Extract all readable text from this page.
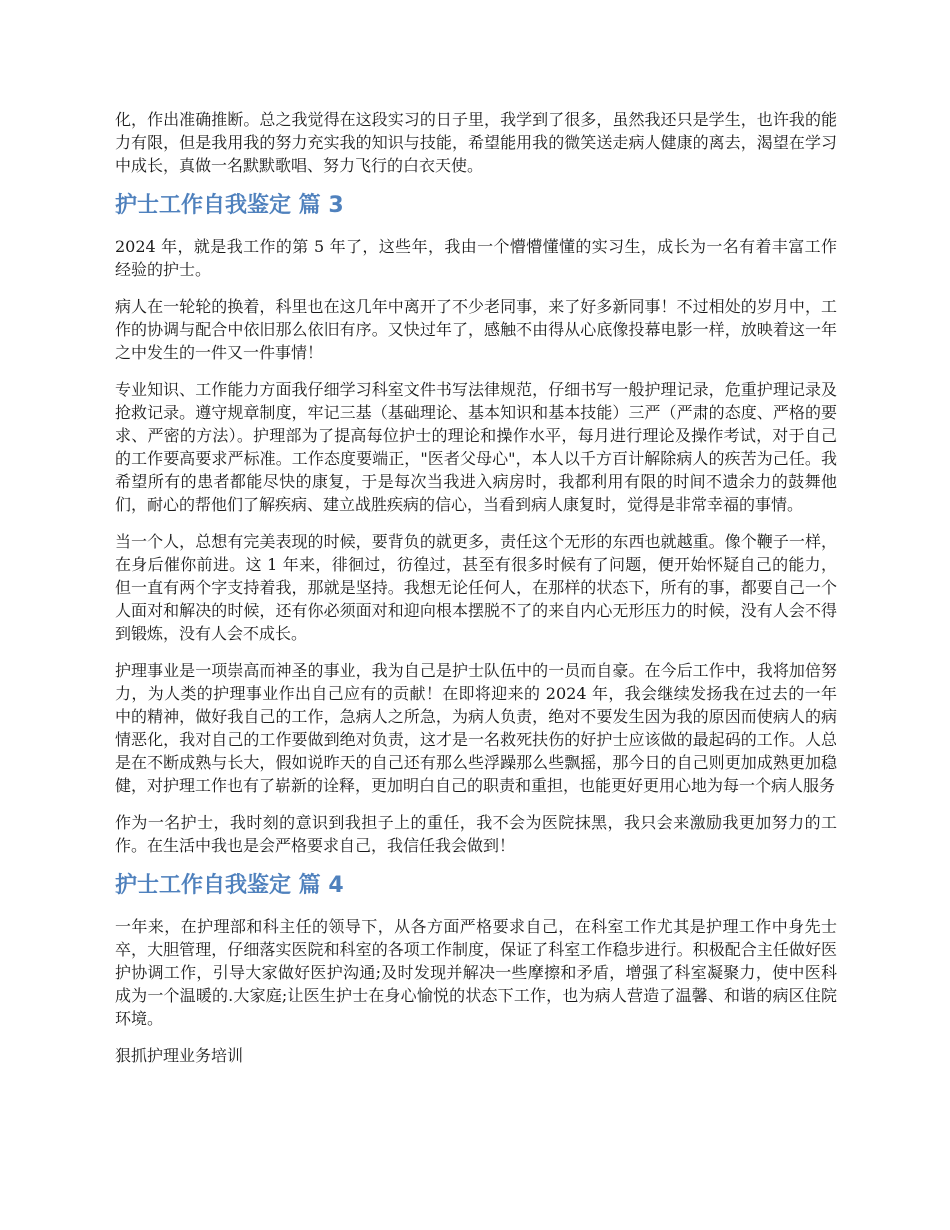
化，作出准确推断。总之我觉得在这段实习的日子里，我学到了很多，虽然我还只是学生，也许我的能力有限，但是我用我的努力充实我的知识与技能，希望能用我的微笑送走病人健康的离去，渴望在学习中成长，真做一名默默歌唱、努力飞行的白衣天使。

护士工作自我鉴定 篇 3

2024 年，就是我工作的第 5 年了，这些年，我由一个懵懵懂懂的实习生，成长为一名有着丰富工作经验的护士。

病人在一轮轮的换着，科里也在这几年中离开了不少老同事，来了好多新同事！不过相处的岁月中，工作的协调与配合中依旧那么依旧有序。又快过年了，感触不由得从心底像投幕电影一样，放映着这一年之中发生的一件又一件事情！

专业知识、工作能力方面我仔细学习科室文件书写法律规范，仔细书写一般护理记录，危重护理记录及抢救记录。遵守规章制度，牢记三基（基础理论、基本知识和基本技能）三严（严肃的态度、严格的要求、严密的方法）。护理部为了提高每位护士的理论和操作水平，每月进行理论及操作考试，对于自己的工作要高要求严标准。工作态度要端正，"医者父母心"，本人以千方百计解除病人的疾苦为己任。我希望所有的患者都能尽快的康复，于是每次当我进入病房时，我都利用有限的时间不遗余力的鼓舞他们，耐心的帮他们了解疾病、建立战胜疾病的信心，当看到病人康复时，觉得是非常幸福的事情。

当一个人，总想有完美表现的时候，要背负的就更多，责任这个无形的东西也就越重。像个鞭子一样，在身后催你前进。这 1 年来，徘徊过，彷徨过，甚至有很多时候有了问题，便开始怀疑自己的能力，但一直有两个字支持着我，那就是坚持。我想无论任何人，在那样的状态下，所有的事，都要自己一个人面对和解决的时候，还有你必须面对和迎向根本摆脱不了的来自内心无形压力的时候，没有人会不得到锻炼，没有人会不成长。

护理事业是一项崇高而神圣的事业，我为自己是护士队伍中的一员而自豪。在今后工作中，我将加倍努力，为人类的护理事业作出自己应有的贡献！在即将迎来的 2024 年，我会继续发扬我在过去的一年中的精神，做好我自己的工作，急病人之所急，为病人负责，绝对不要发生因为我的原因而使病人的病情恶化，我对自己的工作要做到绝对负责，这才是一名救死扶伤的好护士应该做的最起码的工作。人总是在不断成熟与长大，假如说昨天的自己还有那么些浮躁那么些飘摇，那今日的自己则更加成熟更加稳健，对护理工作也有了崭新的诠释，更加明白自己的职责和重担，也能更好更用心地为每一个病人服务

作为一名护士，我时刻的意识到我担子上的重任，我不会为医院抹黑，我只会来激励我更加努力的工作。在生活中我也是会严格要求自己，我信任我会做到！

护士工作自我鉴定 篇 4

一年来，在护理部和科主任的领导下，从各方面严格要求自己，在科室工作尤其是护理工作中身先士卒，大胆管理，仔细落实医院和科室的各项工作制度，保证了科室工作稳步进行。积极配合主任做好医护协调工作，引导大家做好医护沟通;及时发现并解决一些摩擦和矛盾，增强了科室凝聚力，使中医科成为一个温暖的.大家庭;让医生护士在身心愉悦的状态下工作，也为病人营造了温馨、和谐的病区住院环境。

狠抓护理业务培训
